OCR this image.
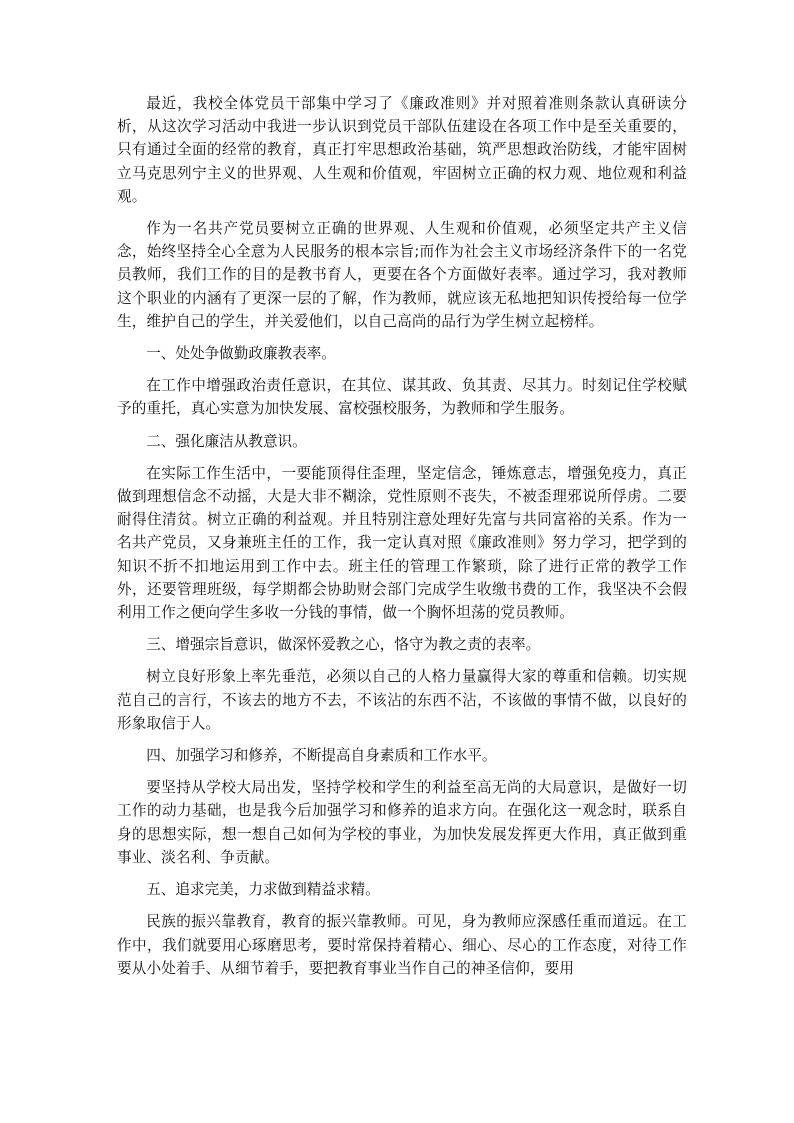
最近，我校全体党员干部集中学习了《廉政准则》并对照着准则条款认真研读分析，从这次学习活动中我进一步认识到党员干部队伍建设在各项工作中是至关重要的，只有通过全面的经常的教育，真正打牢思想政治基础，筑严思想政治防线，才能牢固树立马克思列宁主义的世界观、人生观和价值观，牢固树立正确的权力观、地位观和利益观。

作为一名共产党员要树立正确的世界观、人生观和价值观，必须坚定共产主义信念，始终坚持全心全意为人民服务的根本宗旨;而作为社会主义市场经济条件下的一名党员教师，我们工作的目的是教书育人，更要在各个方面做好表率。通过学习，我对教师这个职业的内涵有了更深一层的了解，作为教师，就应该无私地把知识传授给每一位学生，维护自己的学生，并关爱他们，以自己高尚的品行为学生树立起榜样。

一、处处争做勤政廉教表率。

在工作中增强政治责任意识，在其位、谋其政、负其责、尽其力。时刻记住学校赋予的重托，真心实意为加快发展、富校强校服务，为教师和学生服务。

二、强化廉洁从教意识。

在实际工作生活中，一要能顶得住歪理，坚定信念，锤炼意志，增强免疫力，真正做到理想信念不动摇，大是大非不糊涂，党性原则不丧失，不被歪理邪说所俘虏。二要耐得住清贫。树立正确的利益观。并且特别注意处理好先富与共同富裕的关系。作为一名共产党员，又身兼班主任的工作，我一定认真对照《廉政准则》努力学习，把学到的知识不折不扣地运用到工作中去。班主任的管理工作繁琐，除了进行正常的教学工作外，还要管理班级，每学期都会协助财会部门完成学生收缴书费的工作，我坚决不会假利用工作之便向学生多收一分钱的事情，做一个胸怀坦荡的党员教师。

三、增强宗旨意识，做深怀爱教之心，恪守为教之责的表率。

树立良好形象上率先垂范，必须以自己的人格力量赢得大家的尊重和信赖。切实规范自己的言行，不该去的地方不去，不该沾的东西不沾，不该做的事情不做，以良好的形象取信于人。

四、加强学习和修养，不断提高自身素质和工作水平。

要坚持从学校大局出发，坚持学校和学生的利益至高无尚的大局意识，是做好一切工作的动力基础，也是我今后加强学习和修养的追求方向。在强化这一观念时，联系自身的思想实际，想一想自己如何为学校的事业，为加快发展发挥更大作用，真正做到重事业、淡名利、争贡献。

五、追求完美，力求做到精益求精。

民族的振兴靠教育，教育的振兴靠教师。可见，身为教师应深感任重而道远。在工作中，我们就要用心琢磨思考，要时常保持着精心、细心、尽心的工作态度，对待工作要从小处着手、从细节着手，要把教育事业当作自己的神圣信仰，要用
